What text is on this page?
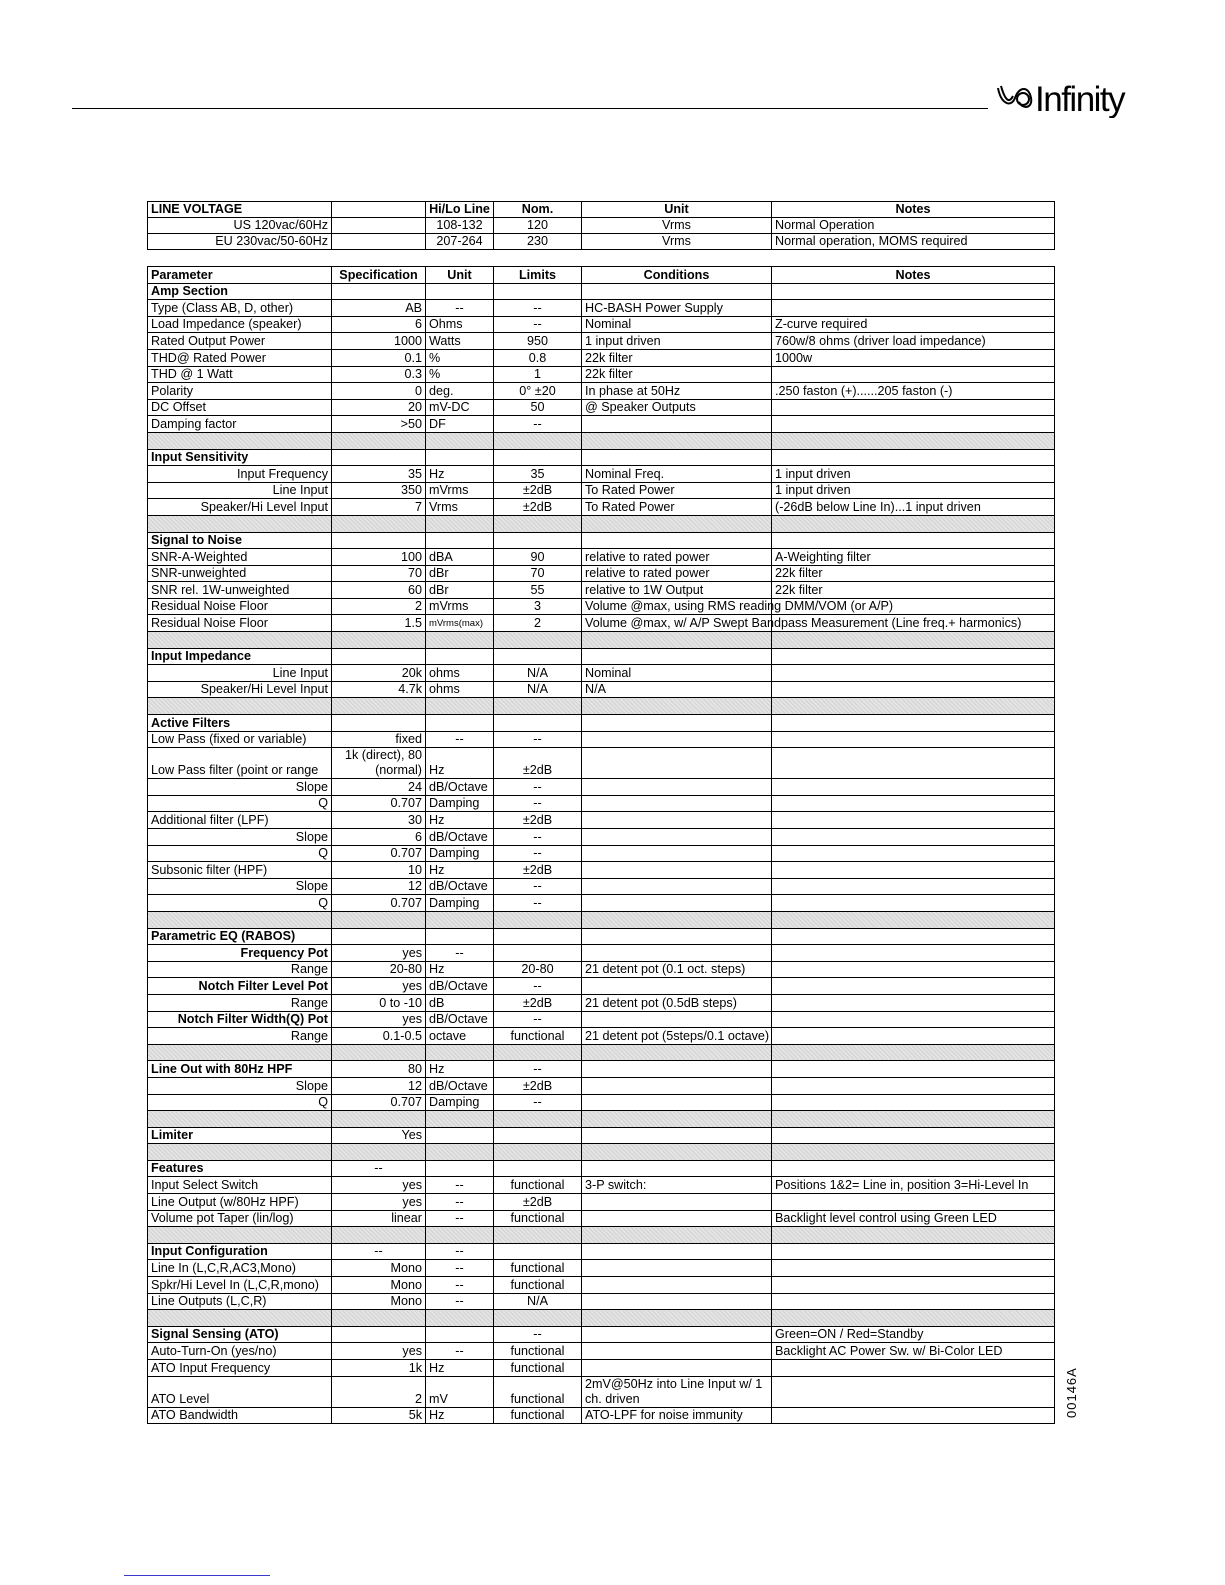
Infinity
LINE VOLTAGE		Hi/Lo Line	Nom.	Unit	Notes
US 120vac/60Hz		108-132	120	Vrms	Normal Operation
EU 230vac/50-60Hz		207-264	230	Vrms	Normal operation, MOMS required
Parameter	Specification	Unit	Limits	Conditions	Notes
Amp Section					
Type (Class AB, D, other)	AB	--	--	HC-BASH Power Supply	
Load Impedance (speaker)	6	Ohms	--	Nominal	Z-curve required
Rated Output Power	1000	Watts	950	1 input driven	760w/8 ohms (driver load impedance)
THD@ Rated Power	0.1	%	0.8	22k filter	1000w
THD @ 1 Watt	0.3	%	1	22k filter	
Polarity	0	deg.	0° ±20	In phase at 50Hz	.250 faston (+)......205 faston (-)
DC Offset	20	mV-DC	50	@ Speaker Outputs	
Damping factor	>50	DF	--		

Input Sensitivity					
Input Frequency	35	Hz	35	Nominal Freq.	1 input driven
Line Input	350	mVrms	±2dB	To Rated Power	1 input driven
Speaker/Hi Level Input	7	Vrms	±2dB	To Rated Power	(-26dB below Line In)...1 input driven

Signal to Noise					
SNR-A-Weighted	100	dBA	90	relative to rated power	A-Weighting filter
SNR-unweighted	70	dBr	70	relative to rated power	22k filter
SNR rel. 1W-unweighted	60	dBr	55	relative to 1W Output	22k filter
Residual Noise Floor	2	mVrms	3	Volume @max, using RMS reading DMM/VOM (or A/P)	
Residual Noise Floor	1.5	mVrms(max)	2	Volume @max, w/ A/P Swept Bandpass Measurement (Line freq.+ harmonics)	

Input Impedance					
Line Input	20k	ohms	N/A	Nominal	
Speaker/Hi Level Input	4.7k	ohms	N/A	N/A	

Active Filters					
Low Pass (fixed or variable)	fixed	--	--		
Low Pass filter (point or range	1k (direct), 80 (normal)	Hz	±2dB		
Slope	24	dB/Octave	--		
Q	0.707	Damping	--		
Additional filter (LPF)	30	Hz	±2dB		
Slope	6	dB/Octave	--		
Q	0.707	Damping	--		
Subsonic filter (HPF)	10	Hz	±2dB		
Slope	12	dB/Octave	--		
Q	0.707	Damping	--		

Parametric EQ (RABOS)					
Frequency Pot	yes	--			
Range	20-80	Hz	20-80	21 detent pot (0.1 oct. steps)	
Notch Filter Level Pot	yes	dB/Octave	--		
Range	0 to -10	dB	±2dB	21 detent pot (0.5dB steps)	
Notch Filter Width(Q) Pot	yes	dB/Octave	--		
Range	0.1-0.5	octave	functional	21 detent pot (5steps/0.1 octave)	

Line Out with 80Hz HPF	80	Hz	--		
Slope	12	dB/Octave	±2dB		
Q	0.707	Damping	--		

Limiter	Yes				

Features	--				
Input Select Switch	yes	--	functional	3-P switch:	Positions 1&2= Line in, position 3=Hi-Level In
Line Output (w/80Hz HPF)	yes	--	±2dB		
Volume pot Taper (lin/log)	linear	--	functional		Backlight level control using Green LED

Input Configuration	--	--			
Line In (L,C,R,AC3,Mono)	Mono	--	functional		
Spkr/Hi Level In (L,C,R,mono)	Mono	--	functional		
Line Outputs (L,C,R)	Mono	--	N/A		

Signal Sensing (ATO)			--		Green=ON / Red=Standby
Auto-Turn-On (yes/no)	yes	--	functional		Backlight AC Power Sw. w/ Bi-Color LED
ATO Input Frequency	1k	Hz	functional		
ATO Level	2	mV	functional	2mV@50Hz into Line Input w/ 1 ch. driven	
ATO Bandwidth	5k	Hz	functional	ATO-LPF for noise immunity		00146A
